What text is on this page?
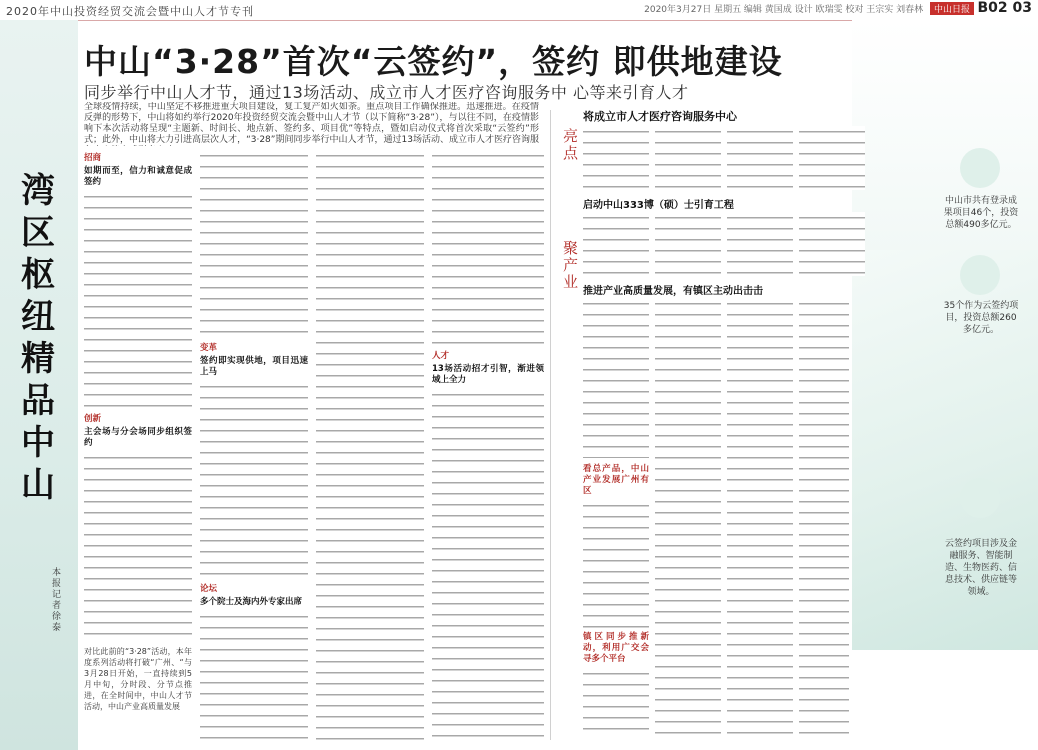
2020年中山投资经贸交流会暨中山人才节专刊	2020年3月27日 星期五 编辑 黄国成 设计 欧瑞雯 校对 王宗实 刘春林 中山日报 B02 03
湾区枢纽 精品中山
本报记者 徐泰
中山“3·28”首次“云签约”，签约 即供地建设
同步举行中山人才节，通过13场活动、成立市人才医疗咨询服务中 心等来引育人才
全球疫情持续，中山坚定不移推进重大项目建设，复工复产如火如荼。重点项目工作确保推进。迅速推进。在疫情反弹的形势下，中山将如约举行2020年投资经贸交流会暨中山人才节（以下简称“3·28”），与以往不同，在疫情影响下本次活动将呈现“主题新、时间长、地点新、签约多、项目优”等特点，暨如启动仪式将首次采取“云签约”形式；此外，中山将大力引进高层次人才，“3·28”期间同步举行中山人才节，通过13场活动、成立市人才医疗咨询服
招商
如期而至，信力和诚意促成签约
创新
主会场与分会场同步组织签约
对比此前的“3·28”活动，本年度系列活动将打破“广州、“与3月28日开始，一直持续到5月中旬，分时段、分节点推进，在全时间中，中山人才节活动，中山产业高质量发展
变革
签约即实现供地，项目迅速上马
论坛
多个院士及海内外专家出席
人才
13场活动招才引智，渐进领域上全力
亮点
将成立市人才医疗咨询服务中心
启动中山333博（硕）士引育工程
聚产业
推进产业高质量发展，有镇区主动出击击
看总产品，中山产业发展广州有区
镇区同步推新动，利用广交会寻多个平台
中山市共有登录成果项目46个，投资总额490多亿元。
35个作为云签约项目，投资总额260多亿元。
云签约项目涉及金融服务、智能制造、生物医药、信息技术、供应链等领域。
